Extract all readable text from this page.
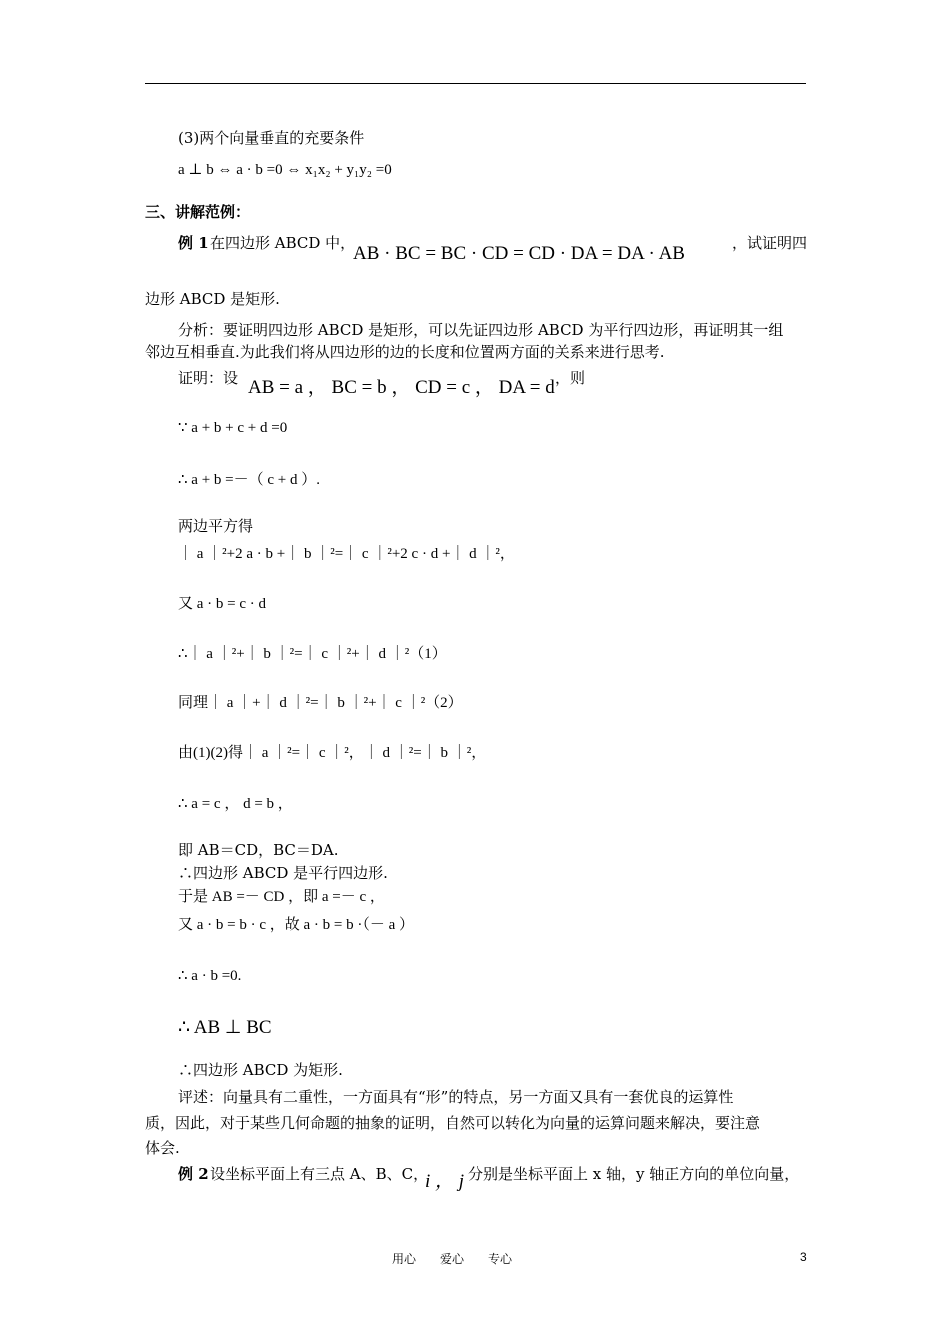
(3)两个向量垂直的充要条件
a ⊥ b ⇔ a · b =0 ⇔ x₁x₂ + y₁y₂ =0
三、讲解范例：
例 1 在四边形 ABCD 中，
AB · BC = BC · CD = CD · DA = DA · AB	，试证明四
边形 ABCD 是矩形.
分析：要证明四边形 ABCD 是矩形，可以先证四边形 ABCD 为平行四边形，再证明其一组
邻边互相垂直.为此我们将从四边形的边的长度和位置两方面的关系来进行思考.
证明：设 AB = a ， BC = b ， CD = c ， DA = d ，则
∵ a + b + c + d =0
∴ a + b =－（ c + d ）.
两边平方得
｜ a ｜²+2 a · b +｜ b ｜²=｜ c ｜²+2 c · d +｜ d ｜²，
又 a · b = c · d
∴｜ a ｜²+｜ b ｜²=｜ c ｜²+｜ d ｜²（1）
同理｜ a ｜+｜ d ｜²=｜ b ｜²+｜ c ｜²（2）
由(1)(2)得｜ a ｜²=｜ c ｜²，｜ d ｜²=｜ b ｜²，
∴ a = c ， d = b ，
即 AB＝CD，BC＝DA.
∴四边形 ABCD 是平行四边形.
于是 AB =－ CD ，即 a =－ c ，
又 a · b = b · c ，故 a · b = b ·（－ a ）
∴ a · b =0.
∴ AB ⊥ BC
∴四边形 ABCD 为矩形.
评述：向量具有二重性，一方面具有“形”的特点，另一方面又具有一套优良的运算性
质，因此，对于某些几何命题的抽象的证明，自然可以转化为向量的运算问题来解决，要注意
体会.
例 2 设坐标平面上有三点 A、B、C，
i ， j 分别是坐标平面上 x 轴，y 轴正方向的单位向量，
用心　　爱心　　专心	3
